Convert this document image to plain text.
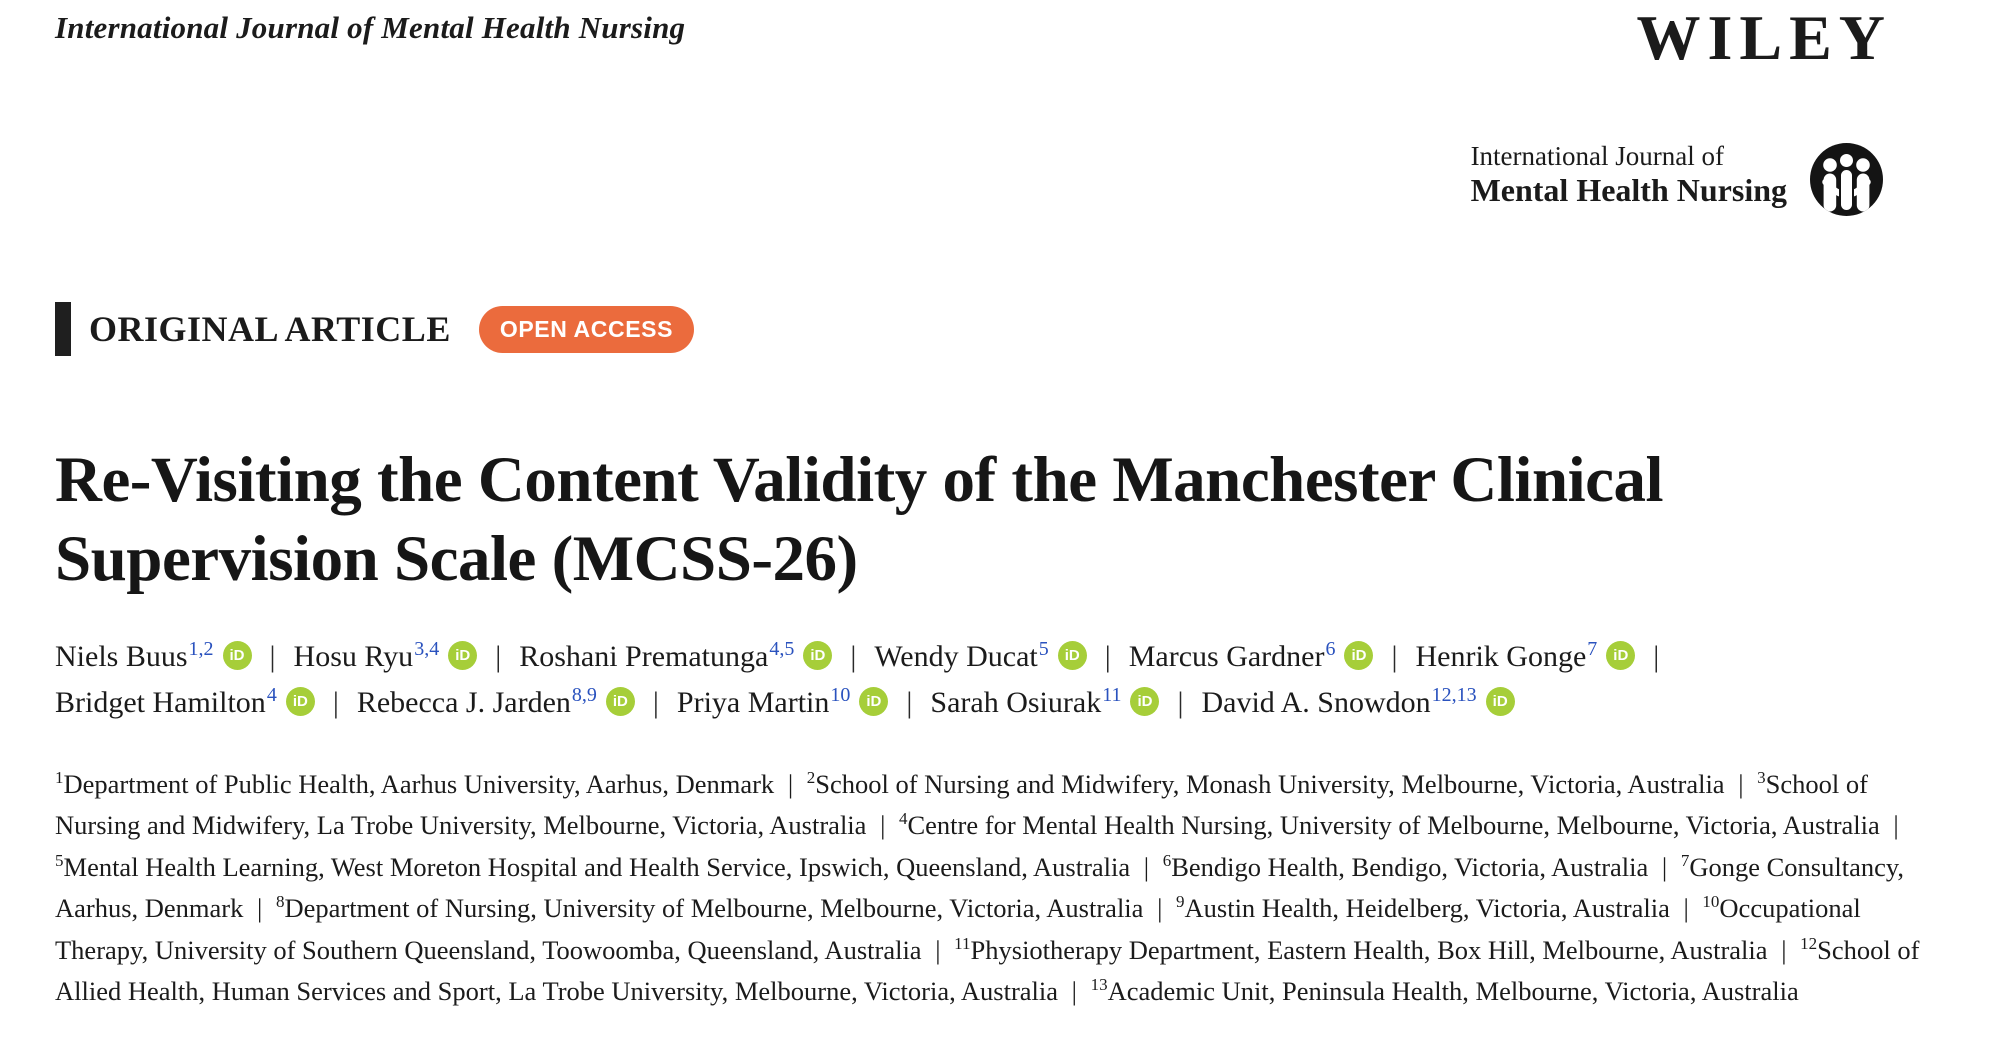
International Journal of Mental Health Nursing	WILEY
International Journal of
Mental Health Nursing
ORIGINAL ARTICLE	OPEN ACCESS
Re-Visiting the Content Validity of the Manchester Clinical
Supervision Scale (MCSS-26)
Niels Buus$^{1,2}$ iD | Hosu Ryu$^{3,4}$ iD | Roshani Prematunga$^{4,5}$ iD | Wendy Ducat$^5$ iD | Marcus Gardner$^6$ iD | Henrik Gonge$^7$ iD |
Bridget Hamilton$^4$ iD | Rebecca J. Jarden$^{8,9}$ iD | Priya Martin$^{10}$ iD | Sarah Osiurak$^{11}$ iD | David A. Snowdon$^{12,13}$ iD
$^1$Department of Public Health, Aarhus University, Aarhus, Denmark | $^2$School of Nursing and Midwifery, Monash University, Melbourne, Victoria, Australia | $^3$School of Nursing and Midwifery, La Trobe University, Melbourne, Victoria, Australia | $^4$Centre for Mental Health Nursing, University of Melbourne, Melbourne, Victoria, Australia | $^5$Mental Health Learning, West Moreton Hospital and Health Service, Ipswich, Queensland, Australia | $^6$Bendigo Health, Bendigo, Victoria, Australia | $^7$Gonge Consultancy, Aarhus, Denmark | $^8$Department of Nursing, University of Melbourne, Melbourne, Victoria, Australia | $^9$Austin Health, Heidelberg, Victoria, Australia | $^{10}$Occupational Therapy, University of Southern Queensland, Toowoomba, Queensland, Australia | $^{11}$Physiotherapy Department, Eastern Health, Box Hill, Melbourne, Australia | $^{12}$School of Allied Health, Human Services and Sport, La Trobe University, Melbourne, Victoria, Australia | $^{13}$Academic Unit, Peninsula Health, Melbourne, Victoria, Australia
